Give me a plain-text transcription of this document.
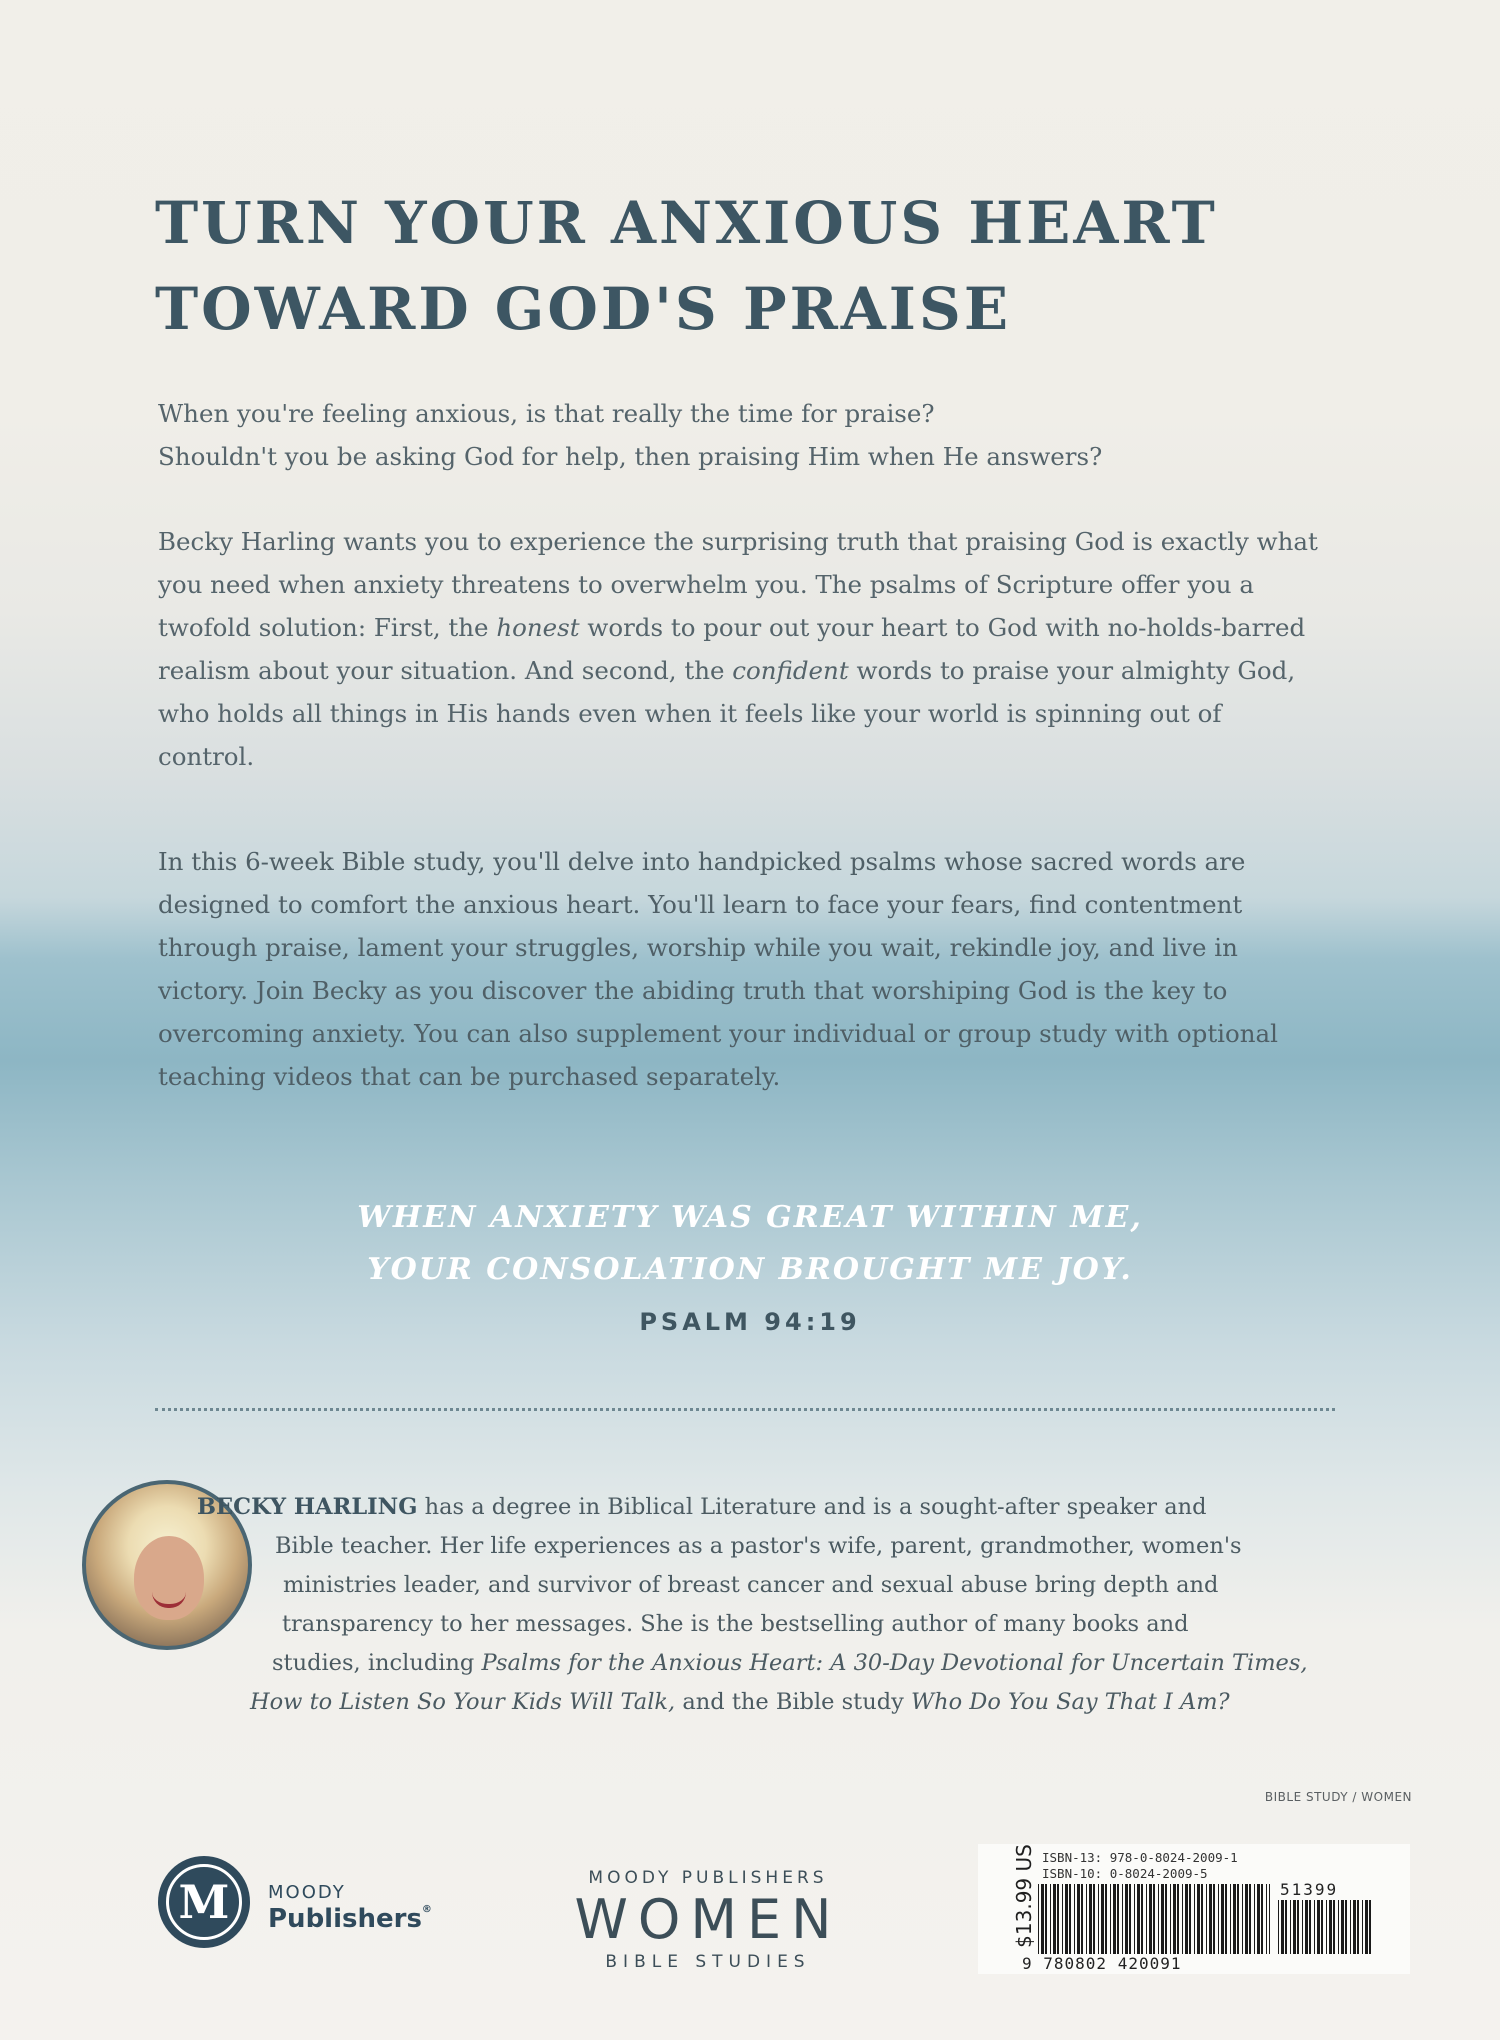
TURN YOUR ANXIOUS HEART
TOWARD GOD'S PRAISE

When you're feeling anxious, is that really the time for praise?
Shouldn't you be asking God for help, then praising Him when He answers?

Becky Harling wants you to experience the surprising truth that praising God is exactly what you need when anxiety threatens to overwhelm you. The psalms of Scripture offer you a twofold solution: First, the honest words to pour out your heart to God with no-holds-barred realism about your situation. And second, the confident words to praise your almighty God, who holds all things in His hands even when it feels like your world is spinning out of control.

In this 6-week Bible study, you'll delve into handpicked psalms whose sacred words are designed to comfort the anxious heart. You'll learn to face your fears, find contentment through praise, lament your struggles, worship while you wait, rekindle joy, and live in victory. Join Becky as you discover the abiding truth that worshiping God is the key to overcoming anxiety. You can also supplement your individual or group study with optional teaching videos that can be purchased separately.

WHEN ANXIETY WAS GREAT WITHIN ME,
YOUR CONSOLATION BROUGHT ME JOY.
PSALM 94:19
BECKY HARLING has a degree in Biblical Literature and is a sought-after speaker and
Bible teacher. Her life experiences as a pastor's wife, parent, grandmother, women's
ministries leader, and survivor of breast cancer and sexual abuse bring depth and
transparency to her messages. She is the bestselling author of many books and
studies, including Psalms for the Anxious Heart: A 30-Day Devotional for Uncertain Times,
How to Listen So Your Kids Will Talk, and the Bible study Who Do You Say That I Am?
BIBLE STUDY / WOMEN
M	MOODY
Publishers®
MOODY PUBLISHERS
WOMEN
BIBLE STUDIES
$13.99 US ISBN-13: 978-0-8024-2009-1
ISBN-10: 0-8024-2009-5
51399
9 780802 420091
